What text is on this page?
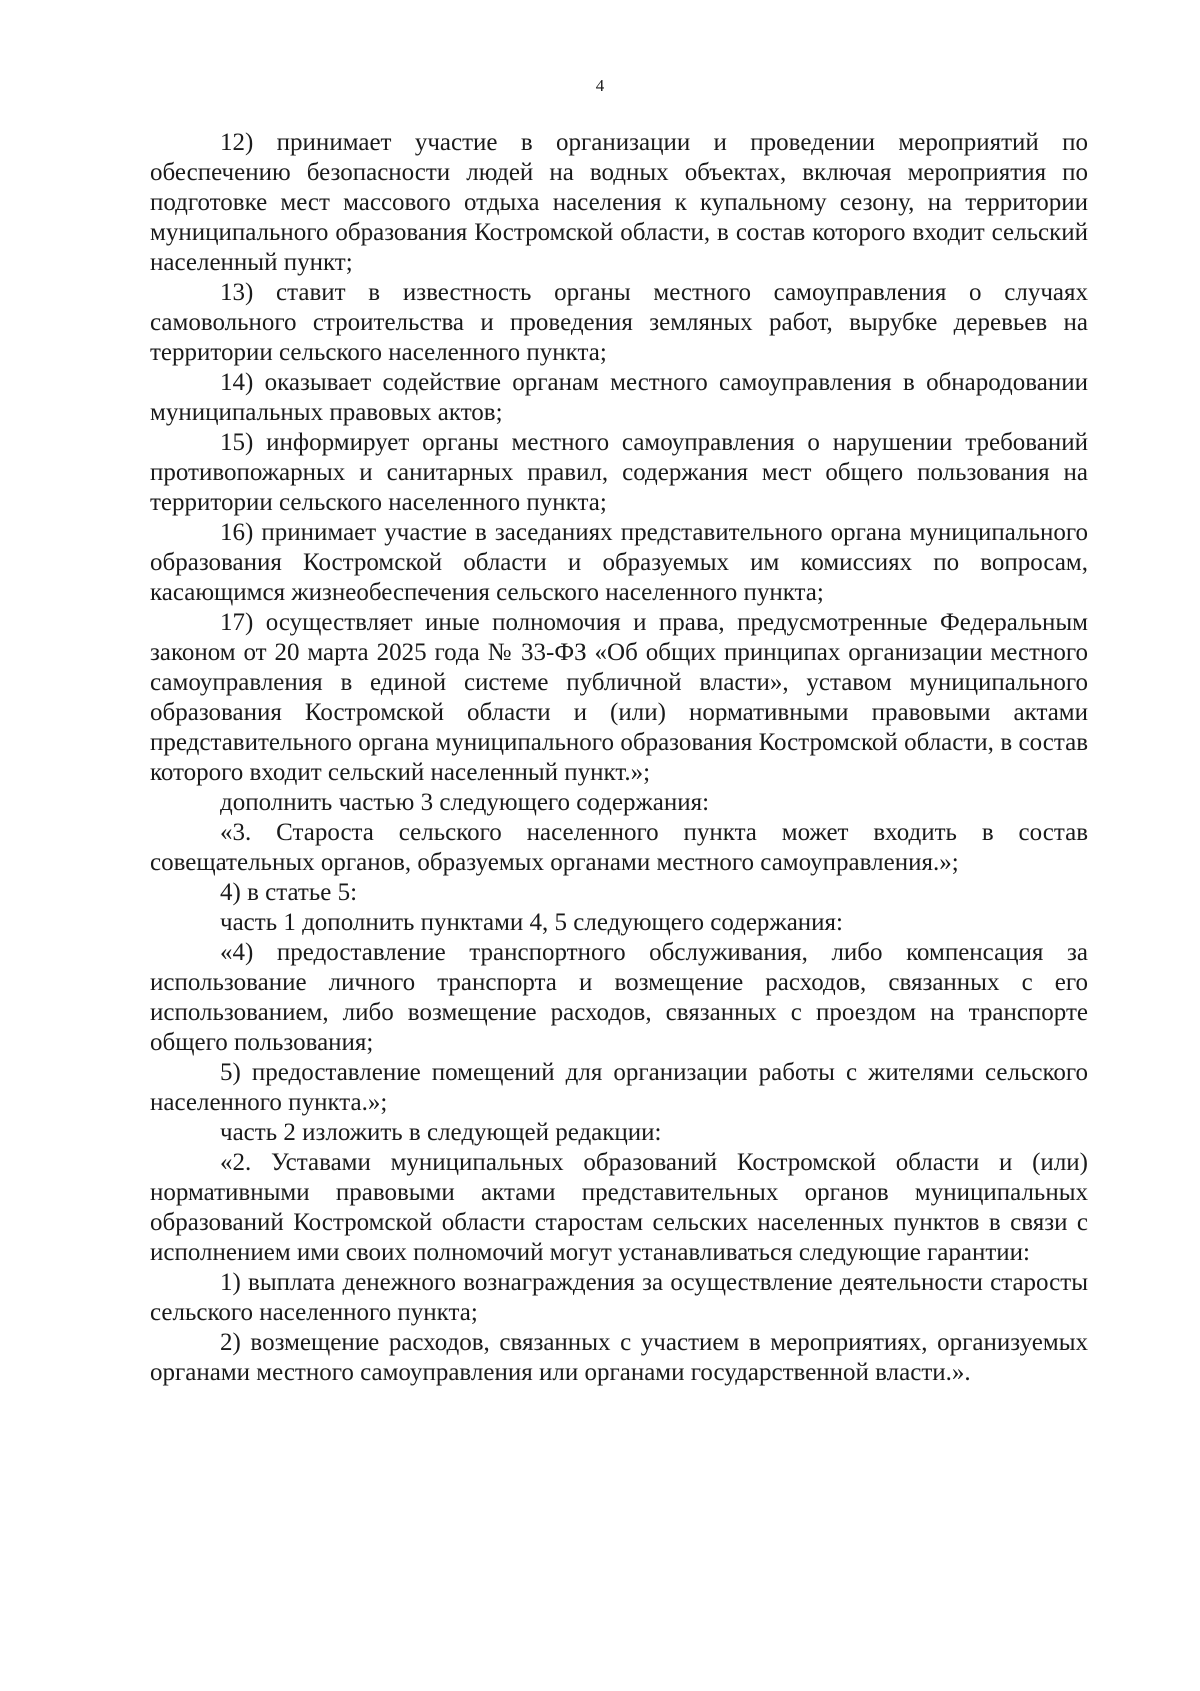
4

12) принимает участие в организации и проведении мероприятий по обеспечению безопасности людей на водных объектах, включая мероприятия по подготовке мест массового отдыха населения к купальному сезону, на территории муниципального образования Костромской области, в состав которого входит сельский населенный пункт;

13) ставит в известность органы местного самоуправления о случаях самовольного строительства и проведения земляных работ, вырубке деревьев на территории сельского населенного пункта;

14) оказывает содействие органам местного самоуправления в обнародовании муниципальных правовых актов;

15) информирует органы местного самоуправления о нарушении требований противопожарных и санитарных правил, содержания мест общего пользования на территории сельского населенного пункта;

16) принимает участие в заседаниях представительного органа муниципального образования Костромской области и образуемых им комиссиях по вопросам, касающимся жизнеобеспечения сельского населенного пункта;

17) осуществляет иные полномочия и права, предусмотренные Федеральным законом от 20 марта 2025 года № 33-ФЗ «Об общих принципах организации местного самоуправления в единой системе публичной власти», уставом муниципального образования Костромской области и (или) нормативными правовыми актами представительного органа муниципального образования Костромской области, в состав которого входит сельский населенный пункт.»;

дополнить частью 3 следующего содержания:

«3. Староста сельского населенного пункта может входить в состав совещательных органов, образуемых органами местного самоуправления.»;

4) в статье 5:

часть 1 дополнить пунктами 4, 5 следующего содержания:

«4) предоставление транспортного обслуживания, либо компенсация за использование личного транспорта и возмещение расходов, связанных с его использованием, либо возмещение расходов, связанных с проездом на транспорте общего пользования;

5) предоставление помещений для организации работы с жителями сельского населенного пункта.»;

часть 2 изложить в следующей редакции:

«2. Уставами муниципальных образований Костромской области и (или) нормативными правовыми актами представительных органов муниципальных образований Костромской области старостам сельских населенных пунктов в связи с исполнением ими своих полномочий могут устанавливаться следующие гарантии:

1) выплата денежного вознаграждения за осуществление деятельности старосты сельского населенного пункта;

2) возмещение расходов, связанных с участием в мероприятиях, организуемых органами местного самоуправления или органами государственной власти.».
